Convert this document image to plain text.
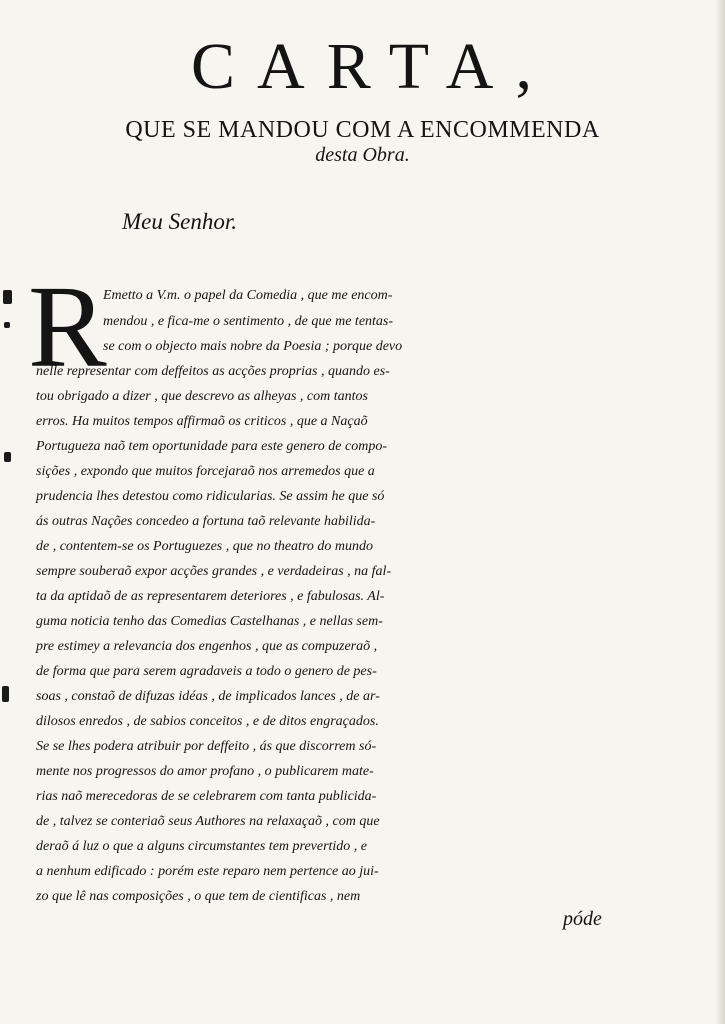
CARTA,
QUE SE MANDOU COM A ENCOMMENDA
desta Obra.
Meu Senhor.
R
Emetto a V.m. o papel da Comedia , que me encom-
mendou , e fica-me o sentimento , de que me tentas-
se com o objecto mais nobre da Poesia ; porque devo
nelle representar com deffeitos as acções proprias , quando es-
tou obrigado a dizer , que descrevo as alheyas , com tantos
erros. Ha muitos tempos affirmaõ os criticos , que a Naçaõ
Portugueza naõ tem oportunidade para este genero de compo-
sições , expondo que muitos forcejaraõ nos arremedos que a
prudencia lhes detestou como ridicularias. Se assim he que só
ás outras Nações concedeo a fortuna taõ relevante habilida-
de , contentem-se os Portuguezes , que no theatro do mundo
sempre souberaõ expor acções grandes , e verdadeiras , na fal-
ta da aptidaõ de as representarem deteriores , e fabulosas. Al-
guma noticia tenho das Comedias Castelhanas , e nellas sem-
pre estimey a relevancia dos engenhos , que as compuzeraõ ,
de forma que para serem agradaveis a todo o genero de pes-
soas , constaõ de difuzas idéas , de implicados lances , de ar-
dilosos enredos , de sabios conceitos , e de ditos engraçados.
Se se lhes podera atribuir por deffeito , ás que discorrem só-
mente nos progressos do amor profano , o publicarem mate-
rias naõ merecedoras de se celebrarem com tanta publicida-
de , talvez se conteriaõ seus Authores na relaxaçaõ , com que
deraõ á luz o que a alguns circumstantes tem prevertido , e
a nenhum edificado : porém este reparo nem pertence ao jui-
zo que lê nas composições , o que tem de cientificas , nem
póde
